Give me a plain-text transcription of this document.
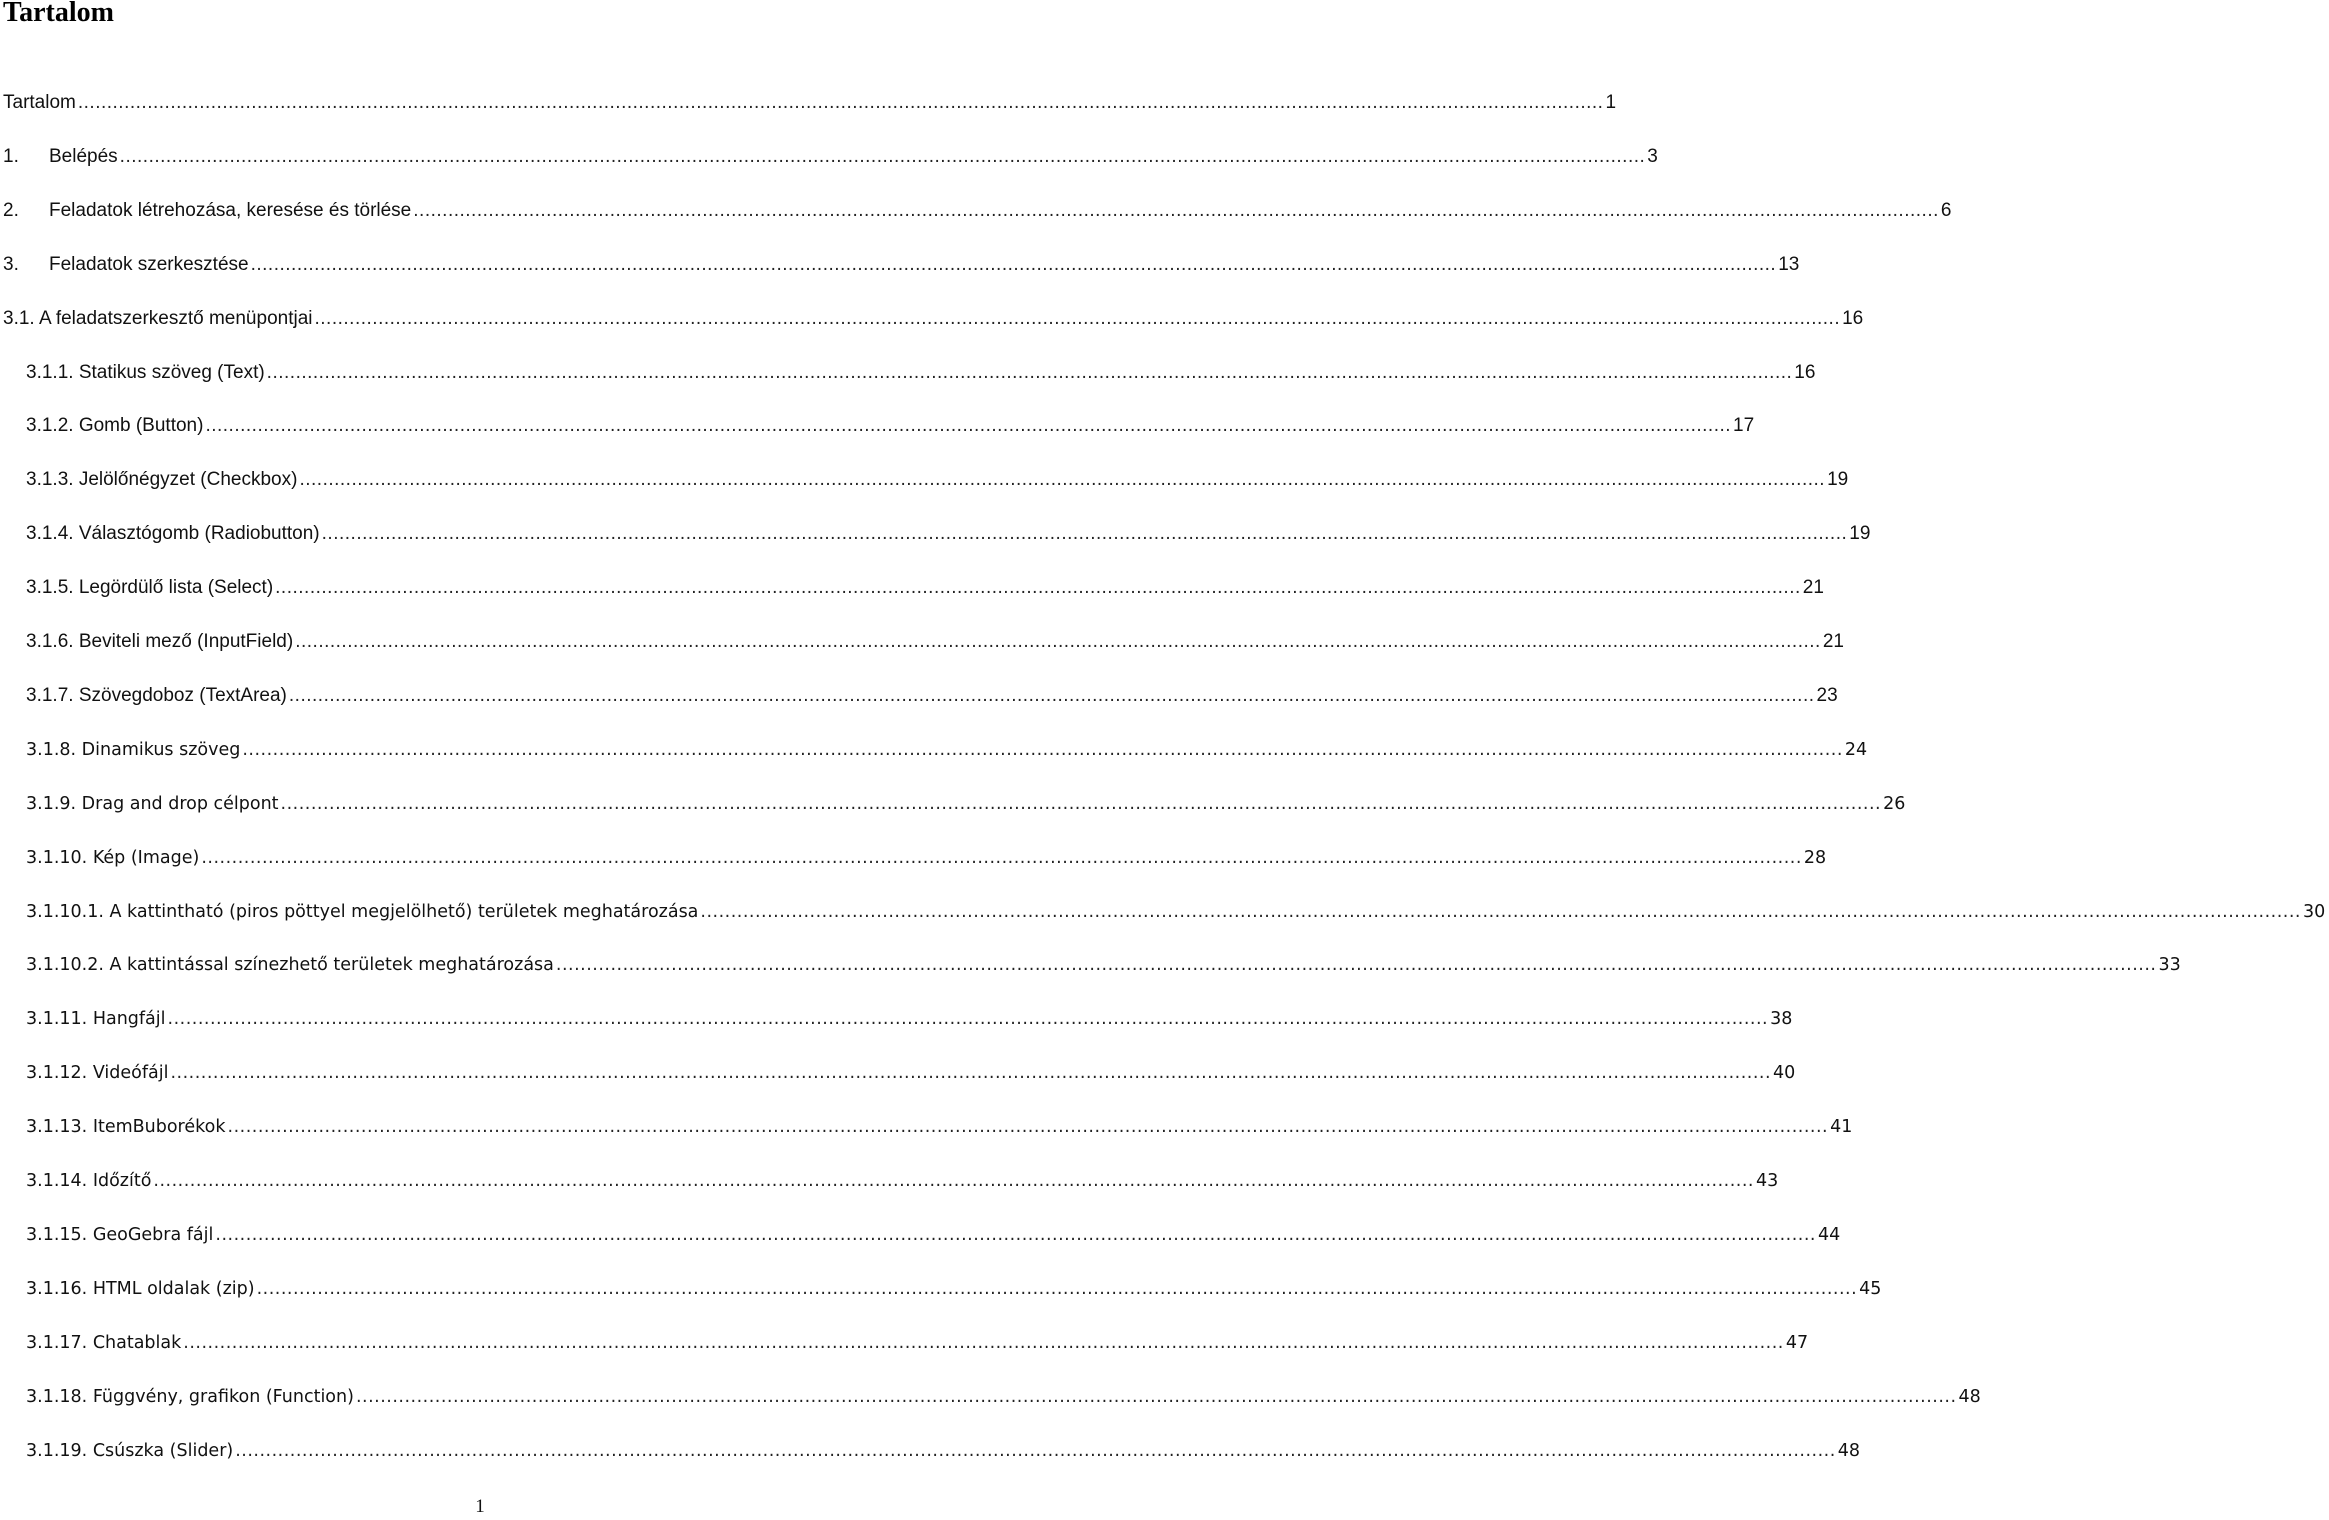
Tartalom
Tartalom .....	1
1. Belépés .....	3
2. Feladatok létrehozása, keresése és törlése .....	6
3. Feladatok szerkesztése .....	13
3.1. A feladatszerkesztő menüpontjai .....	16
3.1.1. Statikus szöveg (Text) .....	16
3.1.2. Gomb (Button) .....	17
3.1.3. Jelölőnégyzet (Checkbox) .....	19
3.1.4. Választógomb (Radiobutton) .....	19
3.1.5. Legördülő lista (Select) .....	21
3.1.6. Beviteli mező (InputField) .....	21
3.1.7. Szövegdoboz (TextArea) .....	23
3.1.8. Dinamikus szöveg .....	24
3.1.9. Drag and drop célpont .....	26
3.1.10. Kép (Image) .....	28
3.1.10.1. A kattintható (piros pöttyel megjelölhető) területek meghatározása .....	30
3.1.10.2. A kattintással színezhető területek meghatározása .....	33
3.1.11. Hangfájl .....	38
3.1.12. Videófájl .....	40
3.1.13. ItemBuborékok .....	41
3.1.14. Időzítő .....	43
3.1.15. GeoGebra fájl .....	44
3.1.16. HTML oldalak (zip) .....	45
3.1.17. Chatablak .....	47
3.1.18. Függvény, grafikon (Function) .....	48
3.1.19. Csúszka (Slider) .....	48
1
